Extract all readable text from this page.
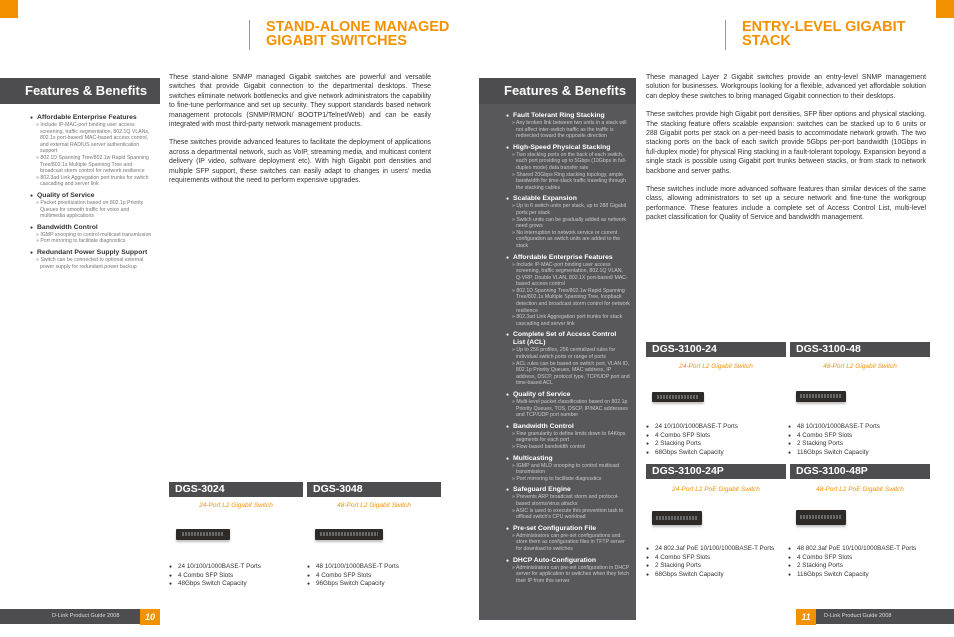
STAND-ALONE MANAGED
GIGABIT SWITCHES
ENTRY-LEVEL GIGABIT
STACK
Features & Benefits
● Affordable Enterprise Features
» Include IP-MAC-port binding user access screening, traffic segmentation, 802.1Q VLANs, 802.1x port-based/ MAC-based access control, and external RADIUS server authentication support
» 802.1D Spanning Tree/802.1w Rapid Spanning Tree/802.1s Multiple Spanning Tree and broadcast storm control for network resilience
» 802.3ad Link Aggregation port trunks for switch cascading and server link
● Quality of Service
» Packet prioritization based on 802.1p Priority Queues for smooth traffic for voice and multimedia applications
● Bandwidth Control
» IGMP snooping to control multicast transmission
» Port mirroring to facilitate diagnostics
● Redundant Power Supply Support
» Switch can be connected to optional external power supply for redundant power backup

These stand-alone SNMP managed Gigabit switches are powerful and versatile switches that provide Gigabit connection to the departmental desktops. These switches eliminate network bottlenecks and give network administrators the capability to fine-tune performance and set up security. They support standards based network management protocols (SNMP/RMON/ BOOTP1/Telnet/Web) and can be easily integrated with most third-party network management products.

These switches provide advanced features to facilitate the deployment of applications across a departmental network, such as VoIP, streaming media, and multicast content delivery (IP video, software deployment etc). With high Gigabit port densities and multiple SFP support, these switches can easily adapt to changes in users' media requirements without the need to perform expensive upgrades.

DGS-3024
24-Port L2 Gigabit Switch
● 24 10/100/1000BASE-T Ports
● 4 Combo SFP Slots
● 48Gbps Switch Capacity
DGS-3048
48-Port L2 Gigabit Switch
● 48 10/100/1000BASE-T Ports
● 4 Combo SFP Slots
● 96Gbps Switch Capacity
D-Link Product Guide 2008	10
Features & Benefits
● Fault Tolerant Ring Stacking
» Any broken link between two units in a stack will not affect inter-switch traffic as the traffic is redirected toward the opposite direction
● High-Speed Physical Stacking
» Two stacking ports on the back of each switch, each port providing up to 5Gbps (10Gbps in full-duplex mode) data transfer rate
» Shared 20Gbps Ring stacking topology, ample bandwidth for time-slack traffic traveling through the stacking cables
● Scalable Expansion
» Up to 6 switch units per stack, up to 288 Gigabit ports per stack
» Switch units can be gradually added as network need grows
» No interruption to network service or current configuration as switch units are added to the stack
● Affordable Enterprise Features
» Include IP-MAC-port binding user access screening, traffic segmentation, 802.1Q VLAN, Q-VRP, Double VLAN, 802.1X port-based/ MAC-based access control
» 802.1D Spanning Tree/802.1w Rapid Spanning Tree/802.1s Multiple Spanning Tree, loopback detection and broadcast storm control for network resilience
» 802.3ad Link Aggregation port trunks for stack cascading and server link
● Complete Set of Access Control List (ACL)
» Up to 256 profiles, 256 centralized rules for individual switch ports or range of ports
» ACL rules can be based on switch port, VLAN ID, 802.1p Priority Queues, MAC address, IP address, DSCP, protocol type, TCP/UDP port and time-based ACL
● Quality of Service
» Multi-level packet classification based on 802.1p Priority Queues, TOS, DSCP, IP/MAC addresses and TCP/UDP port number
● Bandwidth Control
» Fine granularity to define limits down to 64Kbps segments for each port
» Flow-based bandwidth control
● Multicasting
» IGMP and MLD snooping to control multicast transmission
» Port mirroring to facilitate diagnostics
● Safeguard Engine
» Prevents ARP broadcast storm and protocol-based storms/virus attacks
» ASIC is used to execute this prevention task to offload switch's CPU workload
● Pre-set Configuration File
» Administrators can pre-set configurations and store them as configuration files in TFTP server for download to switches
● DHCP Auto-Configuration
» Administrators can pre-set configuration in DHCP server for application to switches when they fetch their IP from this server

These managed Layer 2 Gigabit switches provide an entry-level SNMP management solution for businesses. Workgroups looking for a flexible, advanced yet affordable solution can deploy these switches to bring managed Gigabit connection to their desktops.

These switches provide high Gigabit port densities, SFP fiber options and physical stacking. The stacking feature offers scalable expansion: switches can be stacked up to 6 units or 288 Gigabit ports per stack on a per-need basis to accommodate network growth. The two stacking ports on the back of each switch provide 5Gbps per-port bandwidth (10Gbps in full-duplex mode) for physical Ring stacking in a fault-tolerant topology. Expansion beyond a single stack is possible using Gigabit port trunks between stacks, or from stack to network backbone and server paths.

These switches include more advanced software features than similar devices of the same class, allowing administrators to set up a secure network and fine-tune the workgroup performance. These features include a complete set of Access Control List, multi-level packet classification for Quality of Service and bandwidth management.

DGS-3100-24
24-Port L2 Gigabit Switch
● 24 10/100/1000BASE-T Ports
● 4 Combo SFP Slots
● 2 Stacking Ports
● 68Gbps Switch Capacity
DGS-3100-48
48-Port L2 Gigabit Switch
● 48 10/100/1000BASE-T Ports
● 4 Combo SFP Slots
● 2 Stacking Ports
● 116Gbps Switch Capacity
DGS-3100-24P
24-Port L2 PoE Gigabit Switch
● 24 802.3af PoE 10/100/1000BASE-T Ports
● 4 Combo SFP Slots
● 2 Stacking Ports
● 68Gbps Switch Capacity
DGS-3100-48P
48-Port L2 PoE Gigabit Switch
● 48 802.3af PoE 10/100/1000BASE-T Ports
● 4 Combo SFP Slots
● 2 Stacking Ports
● 116Gbps Switch Capacity
11	D-Link Product Guide 2008
